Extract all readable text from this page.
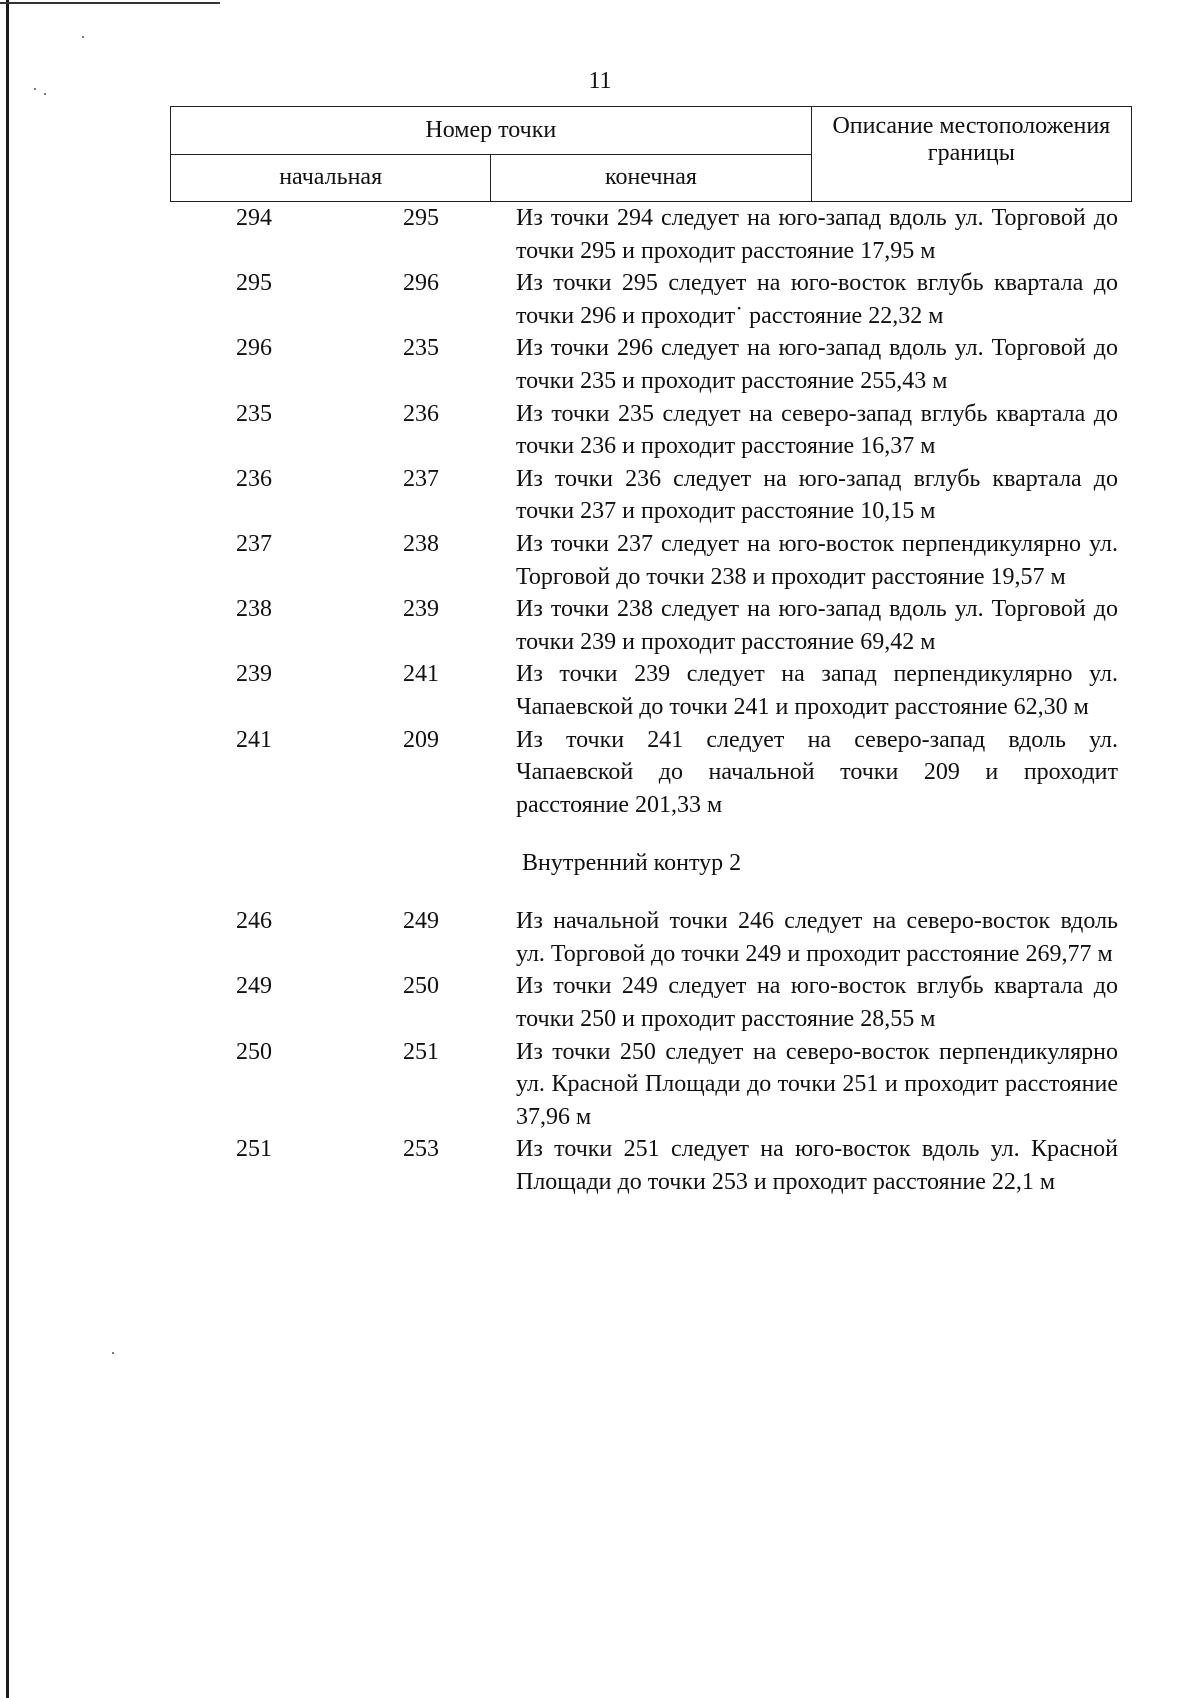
11
Номер точки		Описание местоположения границы
начальная	конечная	
294	295	Из точки 294 следует на юго-запад вдоль ул. Торговой до точки 295 и проходит расстояние 17,95 м
295	296	Из точки 295 следует на юго-восток вглубь квартала до точки 296 и проходит˙ расстояние 22,32 м
296	235	Из точки 296 следует на юго-запад вдоль ул. Торговой до точки 235 и проходит расстояние 255,43 м
235	236	Из точки 235 следует на северо-запад вглубь квартала до точки 236 и проходит расстояние 16,37 м
236	237	Из точки 236 следует на юго-запад вглубь квартала до точки 237 и проходит расстояние 10,15 м
237	238	Из точки 237 следует на юго-восток перпендикулярно ул. Торговой до точки 238 и проходит расстояние 19,57 м
238	239	Из точки 238 следует на юго-запад вдоль ул. Торговой до точки 239 и проходит расстояние 69,42 м
239	241	Из точки 239 следует на запад перпендикулярно ул. Чапаевской до точки 241 и проходит расстояние 62,30 м
241	209	Из точки 241 следует на северо-запад вдоль ул. Чапаевской до начальной точки 209 и проходит расстояние 201,33 м
Внутренний контур 2
246	249	Из начальной точки 246 следует на северо-восток вдоль ул. Торговой до точки 249 и проходит расстояние 269,77 м
249	250	Из точки 249 следует на юго-восток вглубь квартала до точки 250 и проходит расстояние 28,55 м
250	251	Из точки 250 следует на северо-восток перпендикулярно ул. Красной Площади до точки 251 и проходит расстояние 37,96 м
251	253	Из точки 251 следует на юго-восток вдоль ул. Красной Площади до точки 253 и проходит расстояние 22,1 м
